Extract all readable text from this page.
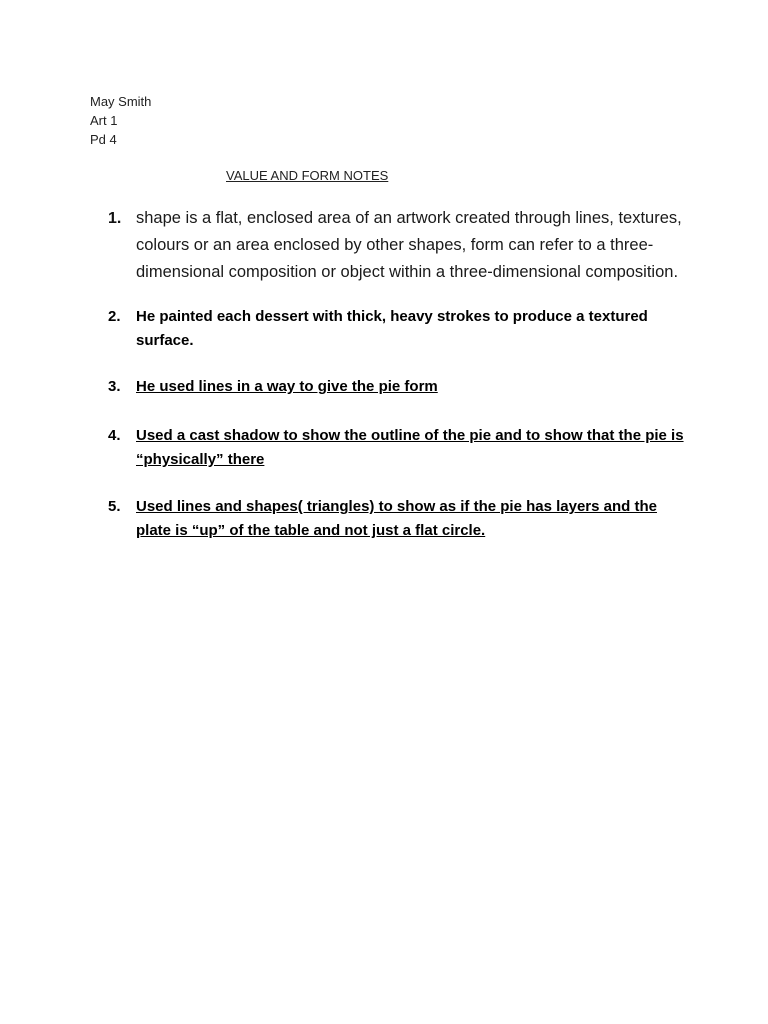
May Smith
Art 1
Pd 4
VALUE AND FORM NOTES
1. shape is a flat, enclosed area of an artwork created through lines, textures, colours or an area enclosed by other shapes, form can refer to a three-dimensional composition or object within a three-dimensional composition.
2.	He painted each dessert with thick, heavy strokes to produce a textured surface.
3.	He used lines in a way to give the pie form
4.	Used a cast shadow to show the outline of the pie and to show that the pie is “physically” there
5.	Used lines and shapes( triangles) to show as if the pie has layers and the plate is “up” of the table and not just a flat circle.
